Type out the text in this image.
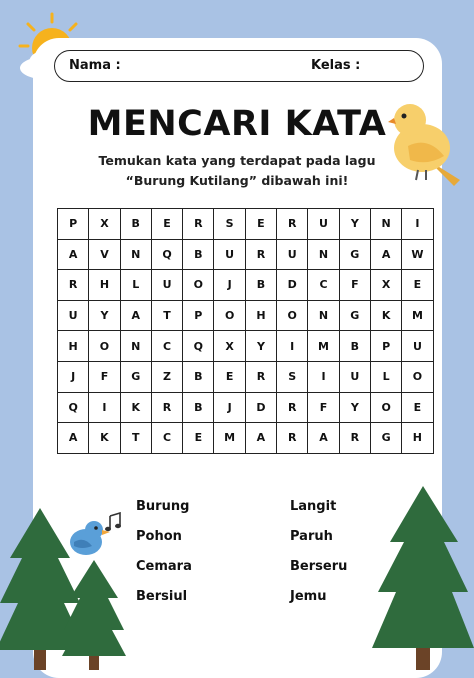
Nama :	Kelas :
MENCARI KATA
Temukan kata yang terdapat pada lagu
“Burung Kutilang” dibawah ini!
P	X	B	E	R	S	E	R	U	Y	N	I
A	V	N	Q	B	U	R	U	N	G	A	W
R	H	L	U	O	J	B	D	C	F	X	E
U	Y	A	T	P	O	H	O	N	G	K	M
H	O	N	C	Q	X	Y	I	M	B	P	U
J	F	G	Z	B	E	R	S	I	U	L	O
Q	I	K	R	B	J	D	R	F	Y	O	E
A	K	T	C	E	M	A	R	A	R	G	H
Burung
Pohon
Cemara
Bersiul
Langit
Paruh
Berseru
Jemu
